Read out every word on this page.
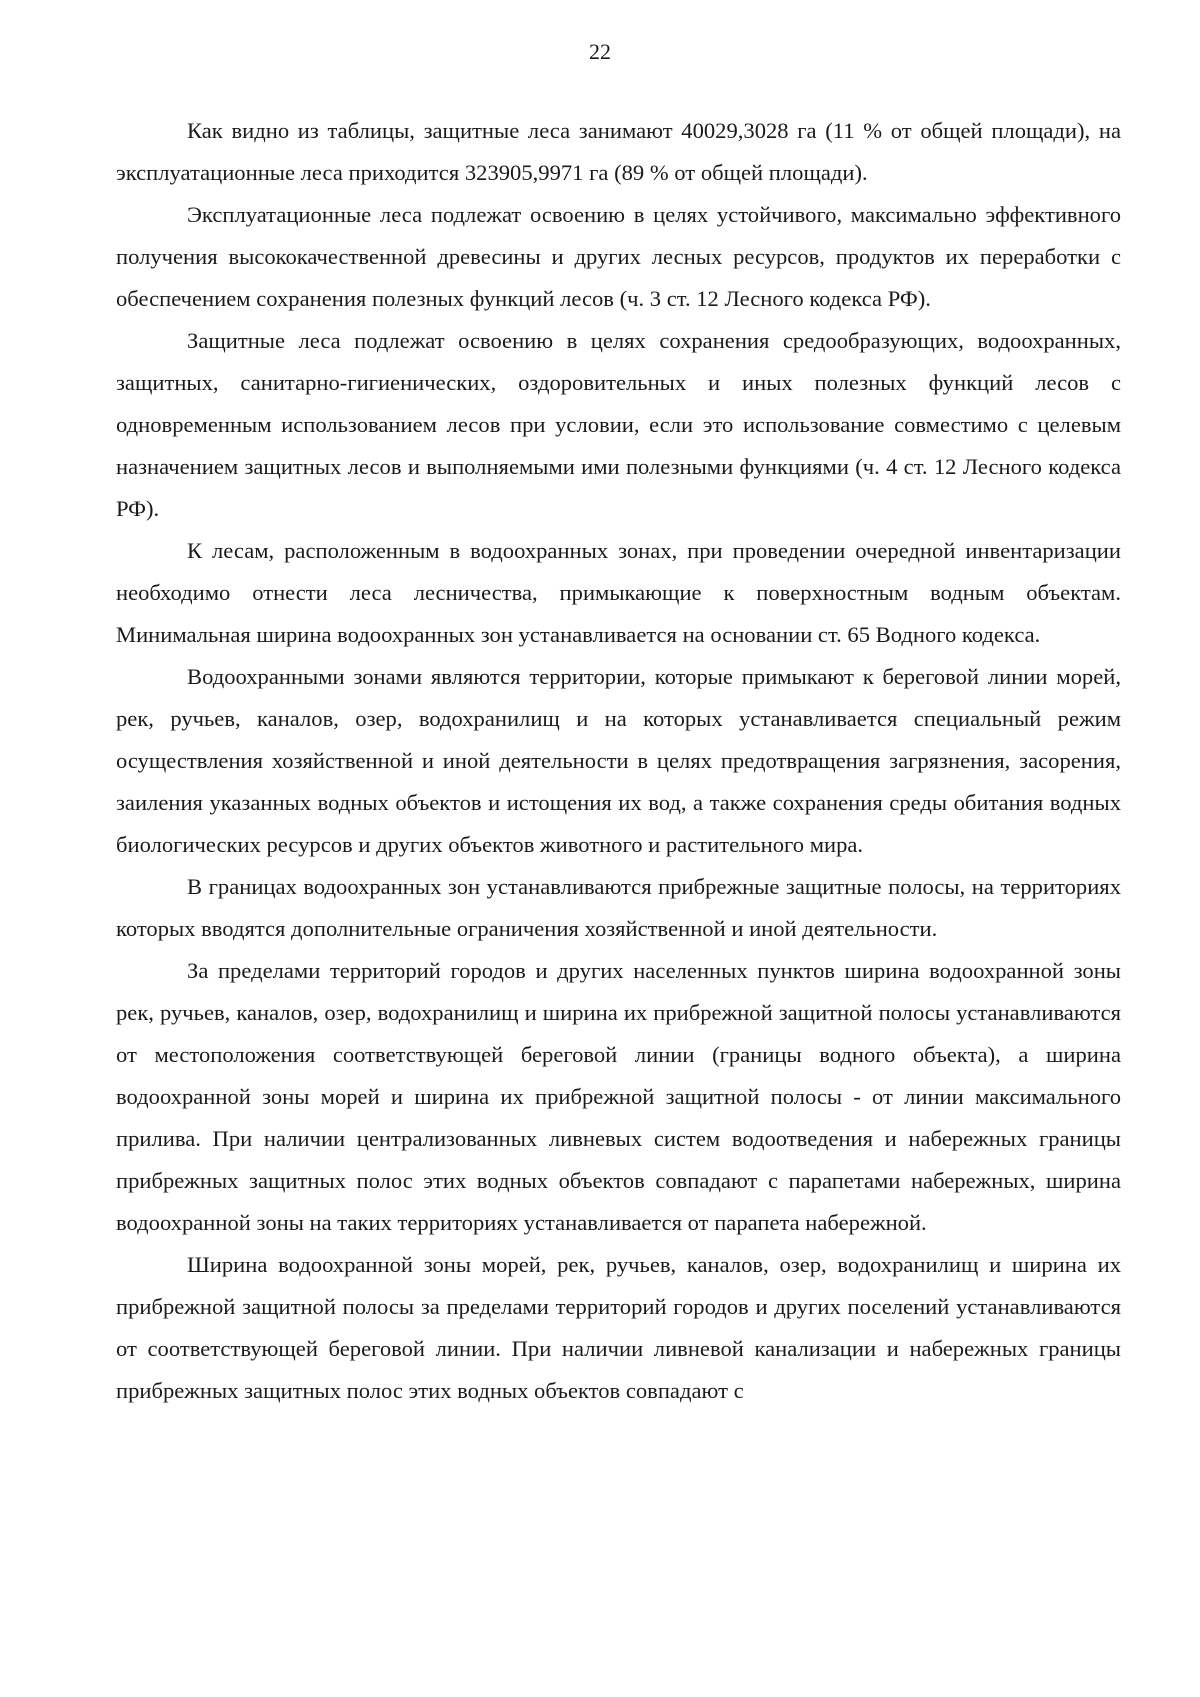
22

Как видно из таблицы, защитные леса занимают 40029,3028 га (11 % от общей площади), на эксплуатационные леса приходится 323905,9971 га (89 % от общей площади).

Эксплуатационные леса подлежат освоению в целях устойчивого, максимально эффективного получения высококачественной древесины и других лесных ресурсов, продуктов их переработки с обеспечением сохранения полезных функций лесов (ч. 3 ст. 12 Лесного кодекса РФ).

Защитные леса подлежат освоению в целях сохранения средообразующих, водоохранных, защитных, санитарно-гигиенических, оздоровительных и иных полезных функций лесов с одновременным использованием лесов при условии, если это использование совместимо с целевым назначением защитных лесов и выполняемыми ими полезными функциями (ч. 4 ст. 12 Лесного кодекса РФ).

К лесам, расположенным в водоохранных зонах, при проведении очередной инвентаризации необходимо отнести леса лесничества, примыкающие к поверхностным водным объектам. Минимальная ширина водоохранных зон устанавливается на основании ст. 65 Водного кодекса.

Водоохранными зонами являются территории, которые примыкают к береговой линии морей, рек, ручьев, каналов, озер, водохранилищ и на которых устанавливается специальный режим осуществления хозяйственной и иной деятельности в целях предотвращения загрязнения, засорения, заиления указанных водных объектов и истощения их вод, а также сохранения среды обитания водных биологических ресурсов и других объектов животного и растительного мира.

В границах водоохранных зон устанавливаются прибрежные защитные полосы, на территориях которых вводятся дополнительные ограничения хозяйственной и иной деятельности.

За пределами территорий городов и других населенных пунктов ширина водоохранной зоны рек, ручьев, каналов, озер, водохранилищ и ширина их прибрежной защитной полосы устанавливаются от местоположения соответствующей береговой линии (границы водного объекта), а ширина водоохранной зоны морей и ширина их прибрежной защитной полосы - от линии максимального прилива. При наличии централизованных ливневых систем водоотведения и набережных границы прибрежных защитных полос этих водных объектов совпадают с парапетами набережных, ширина водоохранной зоны на таких территориях устанавливается от парапета набережной.

Ширина водоохранной зоны морей, рек, ручьев, каналов, озер, водохранилищ и ширина их прибрежной защитной полосы за пределами территорий городов и других поселений устанавливаются от соответствующей береговой линии. При наличии ливневой канализации и набережных границы прибрежных защитных полос этих водных объектов совпадают с
